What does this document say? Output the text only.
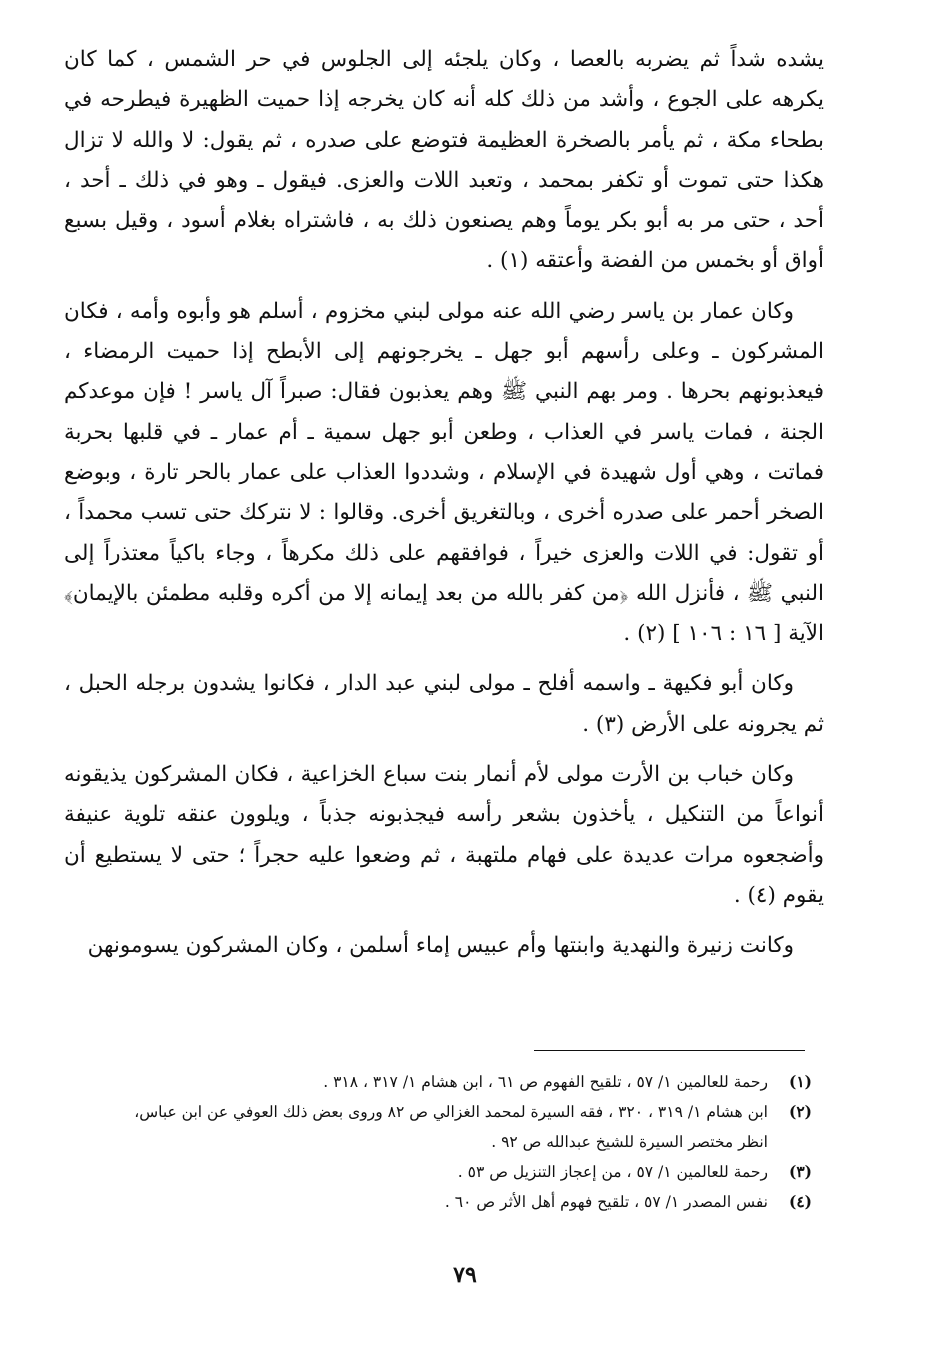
يشده شداً ثم يضربه بالعصا ، وكان يلجئه إلى الجلوس في حر الشمس ، كما كان يكرهه على الجوع ، وأشد من ذلك كله أنه كان يخرجه إذا حميت الظهيرة فيطرحه في بطحاء مكة ، ثم يأمر بالصخرة العظيمة فتوضع على صدره ، ثم يقول: لا والله لا تزال هكذا حتى تموت أو تكفر بمحمد ، وتعبد اللات والعزى. فيقول ـ وهو في ذلك ـ أحد ، أحد ، حتى مر به أبو بكر يوماً وهم يصنعون ذلك به ، فاشتراه بغلام أسود ، وقيل بسبع أواق أو بخمس من الفضة وأعتقه (١) .

وكان عمار بن ياسر رضي الله عنه مولى لبني مخزوم ، أسلم هو وأبوه وأمه ، فكان المشركون ـ وعلى رأسهم أبو جهل ـ يخرجونهم إلى الأبطح إذا حميت الرمضاء ، فيعذبونهم بحرها . ومر بهم النبي ﷺ وهم يعذبون فقال: صبراً آل ياسر ! فإن موعدكم الجنة ، فمات ياسر في العذاب ، وطعن أبو جهل سمية ـ أم عمار ـ في قلبها بحربة فماتت ، وهي أول شهيدة في الإسلام ، وشددوا العذاب على عمار بالحر تارة ، وبوضع الصخر أحمر على صدره أخرى ، وبالتغريق أخرى. وقالوا : لا نتركك حتى تسب محمداً ، أو تقول: في اللات والعزى خيراً ، فوافقهم على ذلك مكرهاً ، وجاء باكياً معتذراً إلى النبي ﷺ ، فأنزل الله ﴿من كفر بالله من بعد إيمانه إلا من أكره وقلبه مطمئن بالإيمان﴾ الآية [ ١٦ : ١٠٦ ] (٢) .

وكان أبو فكيهة ـ واسمه أفلح ـ مولى لبني عبد الدار ، فكانوا يشدون برجله الحبل ، ثم يجرونه على الأرض (٣) .

وكان خباب بن الأرت مولى لأم أنمار بنت سباع الخزاعية ، فكان المشركون يذيقونه أنواعاً من التنكيل ، يأخذون بشعر رأسه فيجذبونه جذباً ، ويلوون عنقه تلوية عنيفة وأضجعوه مرات عديدة على فهام ملتهبة ، ثم وضعوا عليه حجراً ؛ حتى لا يستطيع أن يقوم (٤) .

وكانت زنيرة والنهدية وابنتها وأم عبيس إماء أسلمن ، وكان المشركون يسومونهن

(١)رحمة للعالمين ١/ ٥٧ ، تلقيح الفهوم ص ٦١ ، ابن هشام ١/ ٣١٧ ، ٣١٨ .

(٢)ابن هشام ١/ ٣١٩ ، ٣٢٠ ، فقه السيرة لمحمد الغزالي ص ٨٢ وروى بعض ذلك العوفي عن ابن عباس،

انظر مختصر السيرة للشيخ عبدالله ص ٩٢ .

(٣)رحمة للعالمين ١/ ٥٧ ، من إعجاز التنزيل ص ٥٣ .

(٤)نفس المصدر ١/ ٥٧ ، تلقيح فهوم أهل الأثر ص ٦٠ .

٧٩
